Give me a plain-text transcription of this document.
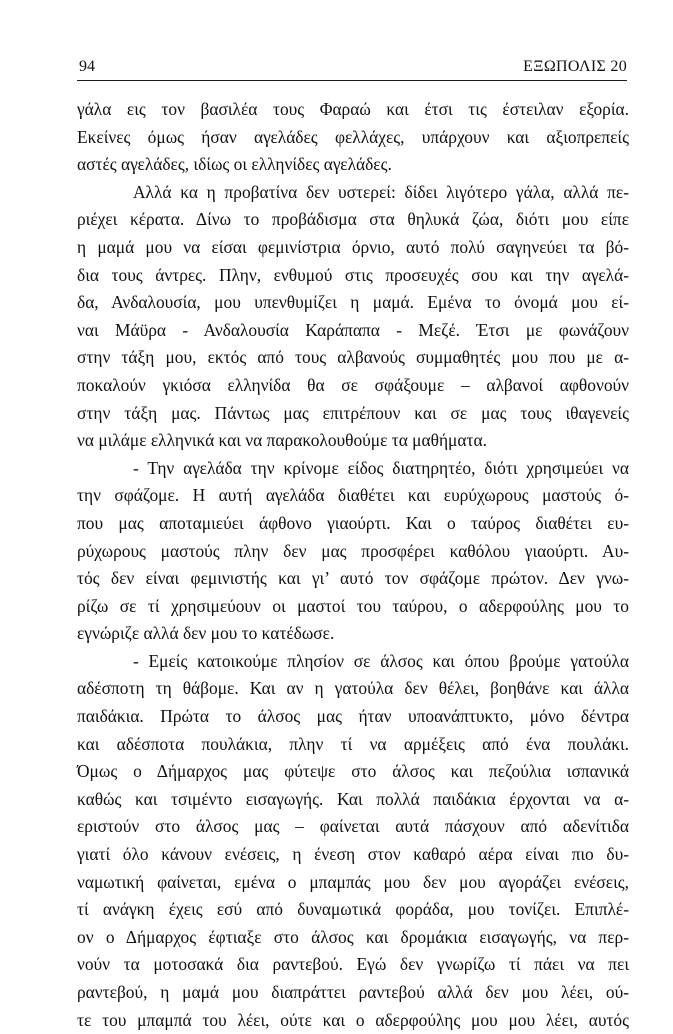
94	ΕΞΩΠΟΛΙΣ 20
γάλα εις τον βασιλέα τους Φαραώ και έτσι τις έστειλαν εξορία.
Εκείνες όμως ήσαν αγελάδες φελλάχες, υπάρχουν και αξιοπρεπείς
αστές αγελάδες, ιδίως οι ελληνίδες αγελάδες.
Αλλά κα η προβατίνα δεν υστερεί: δίδει λιγότερο γάλα, αλλά πε-
ριέχει κέρατα. Δίνω το προβάδισμα στα θηλυκά ζώα, διότι μου είπε
η μαμά μου να είσαι φεμινίστρια όρνιο, αυτό πολύ σαγηνεύει τα βό-
δια τους άντρες. Πλην, ενθυμού στις προσευχές σου και την αγελά-
δα, Ανδαλουσία, μου υπενθυμίζει η μαμά. Εμένα το όνομά μου εί-
ναι Μάϋρα - Ανδαλουσία Καράπαπα - Μεζέ. Έτσι με φωνάζουν
στην τάξη μου, εκτός από τους αλβανούς συμμαθητές μου που με α-
ποκαλούν γκιόσα ελληνίδα θα σε σφάξουμε – αλβανοί αφθονούν
στην τάξη μας. Πάντως μας επιτρέπουν και σε μας τους ιθαγενείς
να μιλάμε ελληνικά και να παρακολουθούμε τα μαθήματα.
- Την αγελάδα την κρίνομε είδος διατηρητέο, διότι χρησιμεύει να
την σφάζομε. Η αυτή αγελάδα διαθέτει και ευρύχωρους μαστούς ό-
που μας αποταμιεύει άφθονο γιαούρτι. Και ο ταύρος διαθέτει ευ-
ρύχωρους μαστούς πλην δεν μας προσφέρει καθόλου γιαούρτι. Αυ-
τός δεν είναι φεμινιστής και γι’ αυτό τον σφάζομε πρώτον. Δεν γνω-
ρίζω σε τί χρησιμεύουν οι μαστοί του ταύρου, ο αδερφούλης μου το
εγνώριζε αλλά δεν μου το κατέδωσε.
- Εμείς κατοικούμε πλησίον σε άλσος και όπου βρούμε γατούλα
αδέσποτη τη θάβομε. Και αν η γατούλα δεν θέλει, βοηθάνε και άλλα
παιδάκια. Πρώτα το άλσος μας ήταν υποανάπτυκτο, μόνο δέντρα
και αδέσποτα πουλάκια, πλην τί να αρμέξεις από ένα πουλάκι.
Όμως ο Δήμαρχος μας φύτεψε στο άλσος και πεζούλια ισπανικά
καθώς και τσιμέντο εισαγωγής. Και πολλά παιδάκια έρχονται να α-
εριστούν στο άλσος μας – φαίνεται αυτά πάσχουν από αδενίτιδα
γιατί όλο κάνουν ενέσεις, η ένεση στον καθαρό αέρα είναι πιο δυ-
ναμωτική φαίνεται, εμένα ο μπαμπάς μου δεν μου αγοράζει ενέσεις,
τί ανάγκη έχεις εσύ από δυναμωτικά φοράδα, μου τονίζει. Επιπλέ-
ον ο Δήμαρχος έφτιαξε στο άλσος και δρομάκια εισαγωγής, να περ-
νούν τα μοτοσακά δια ραντεβού. Εγώ δεν γνωρίζω τί πάει να πει
ραντεβού, η μαμά μου διαπράττει ραντεβού αλλά δεν μου λέει, ού-
τε του μπαμπά του λέει, ούτε και ο αδερφούλης μου μου λέει, αυτός
